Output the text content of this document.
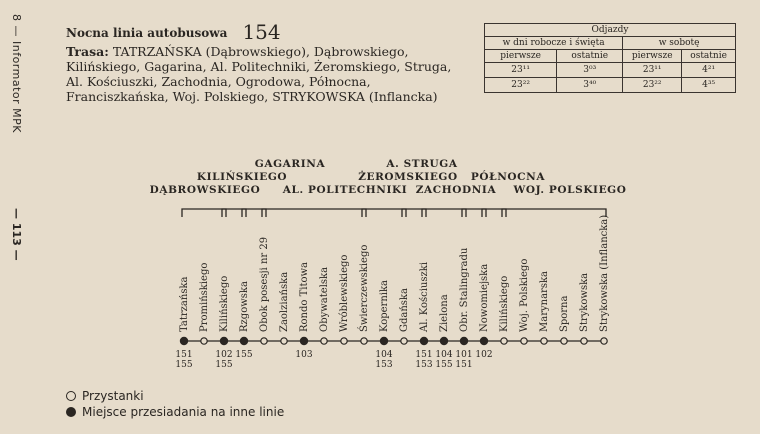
8 — Informator MPK
— 113 —
Nocna linia autobusowa 154
Trasa: TATRZAŃSKA (Dąbrowskiego), Dąbrowskiego, Kilińskiego, Gagarina, Al. Politechniki, Żeromskiego, Struga, Al. Kościuszki, Zachodnia, Ogrodowa, Północna, Franciszkańska, Woj. Polskiego, STRYKOWSKA (Inflancka)
Odjazdy			
w dni robocze i święta		w sobotę	
pierwsze	ostatnie	pierwsze	ostatnie
23¹¹	3⁰³	23¹¹	4²¹
23²²	3⁴⁰	23²²	4³⁵
DĄBROWSKIEGO
KILIŃSKIEGO
GAGARINA
AL. POLITECHNIKI
ŻEROMSKIEGO
A. STRUGA
ZACHODNIA
PÓŁNOCNA
WOJ. POLSKIEGO
Tatrzańska Promińskiego Kilińskiego Rzgowska Obok posesji nr 29 Zaolziańska Rondo Titowa Obywatelska Wróblewskiego Świerczewskiego Kopernika Gdańska Al. Kościuszki Zielona Obr. Stalingradu Nowomiejska Kilińskiego Woj. Polskiego Marynarska Sporna Strykowska Strykowska (Inflancka)
151
155
102
155
155	103	104
153
151
153
104
155
101
151
102
Przystanki
Miejsce przesiadania na inne linie
